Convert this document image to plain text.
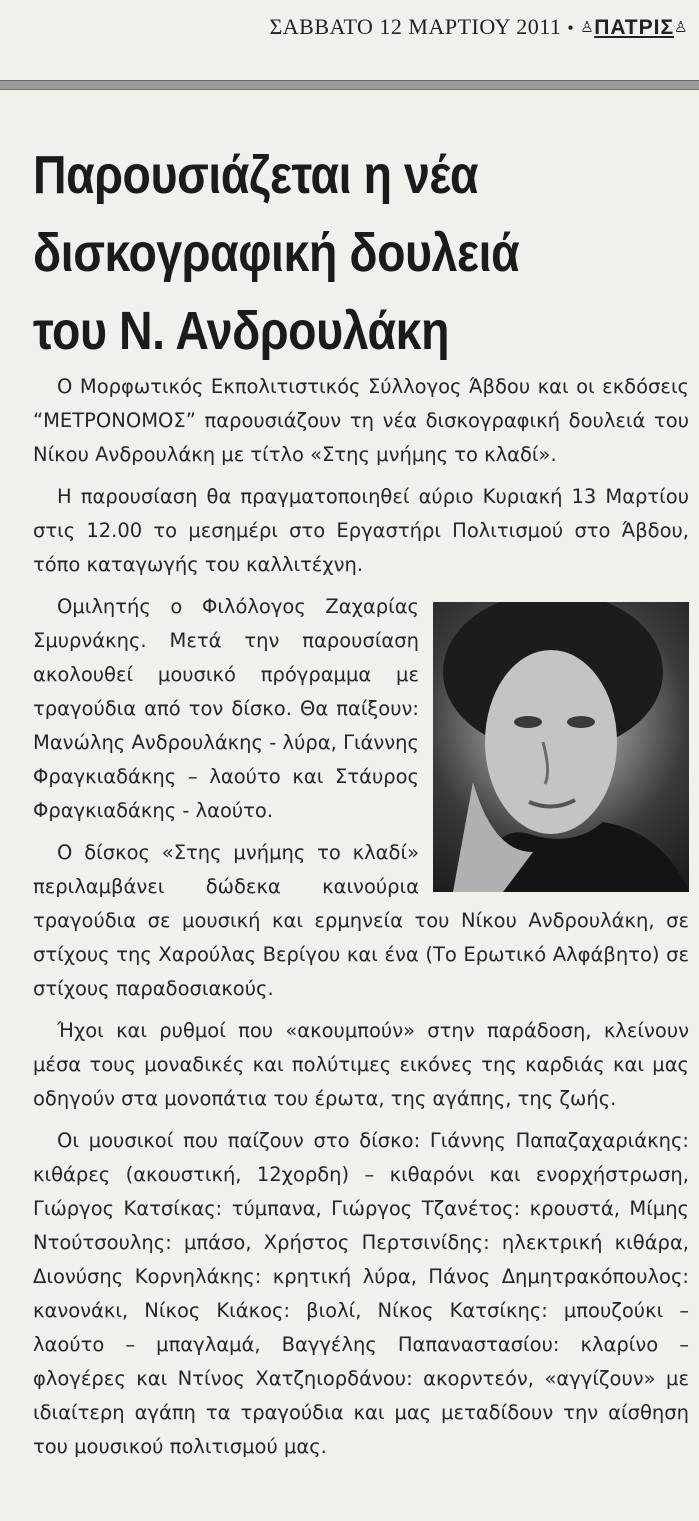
ΣΑΒΒΑΤΟ 12 ΜΑΡΤΙΟΥ 2011 • ♙ΠΑΤΡΙΣ♙
Παρουσιάζεται η νέα δισκογραφική δουλειά του Ν. Ανδρουλάκη

Ο Μορφωτικός Εκπολιτιστικός Σύλλογος Άβδου και οι εκδόσεις “ΜΕΤΡΟΝΟΜΟΣ” παρουσιάζουν τη νέα δισκογραφική δουλειά του Νίκου Ανδρουλάκη με τίτλο «Στης μνήμης το κλαδί».

Η παρουσίαση θα πραγματοποιηθεί αύριο Κυριακή 13 Μαρτίου στις 12.00 το μεσημέρι στο Εργαστήρι Πολιτισμού στο Άβδου, τόπο καταγωγής του καλλιτέχνη.

Ομιλητής ο Φιλόλογος Ζαχαρίας Σμυρνάκης. Μετά την παρουσίαση ακολουθεί μουσικό πρόγραμμα με τραγούδια από τον δίσκο. Θα παίξουν: Μανώλης Ανδρουλάκης - λύρα, Γιάννης Φραγκιαδάκης – λαούτο και Στάυρος Φραγκιαδάκης - λαούτο.

Ο δίσκος «Στης μνήμης το κλαδί» περιλαμβάνει δώδεκα καινούρια τραγούδια σε μουσική και ερμηνεία του Νίκου Ανδρουλάκη, σε στίχους της Χαρούλας Βερίγου και ένα (Το Ερωτικό Αλφάβητο) σε στίχους παραδοσιακούς.

Ήχοι και ρυθμοί που «ακουμπούν» στην παράδοση, κλείνουν μέσα τους μοναδικές και πολύτιμες εικόνες της καρδιάς και μας οδηγούν στα μονοπάτια του έρωτα, της αγάπης, της ζωής.

Οι μουσικοί που παίζουν στο δίσκο: Γιάννης Παπαζαχαριάκης: κιθάρες (ακουστική, 12χορδη) – κιθαρόνι και ενορχήστρωση, Γιώργος Κατσίκας: τύμπανα, Γιώργος Τζανέτος: κρουστά, Μίμης Ντούτσουλης: μπάσο, Χρήστος Περτσινίδης: ηλεκτρική κιθάρα, Διονύσης Κορνηλάκης: κρητική λύρα, Πάνος Δημητρακόπουλος: κανονάκι, Νίκος Κιάκος: βιολί, Νίκος Κατσίκης: μπουζούκι – λαούτο – μπαγλαμά, Βαγγέλης Παπαναστασίου: κλαρίνο – φλογέρες και Ντίνος Χατζηιορδάνου: ακορντεόν, «αγγίζουν» με ιδιαίτερη αγάπη τα τραγούδια και μας μεταδίδουν την αίσθηση του μουσικού πολιτισμού μας.
